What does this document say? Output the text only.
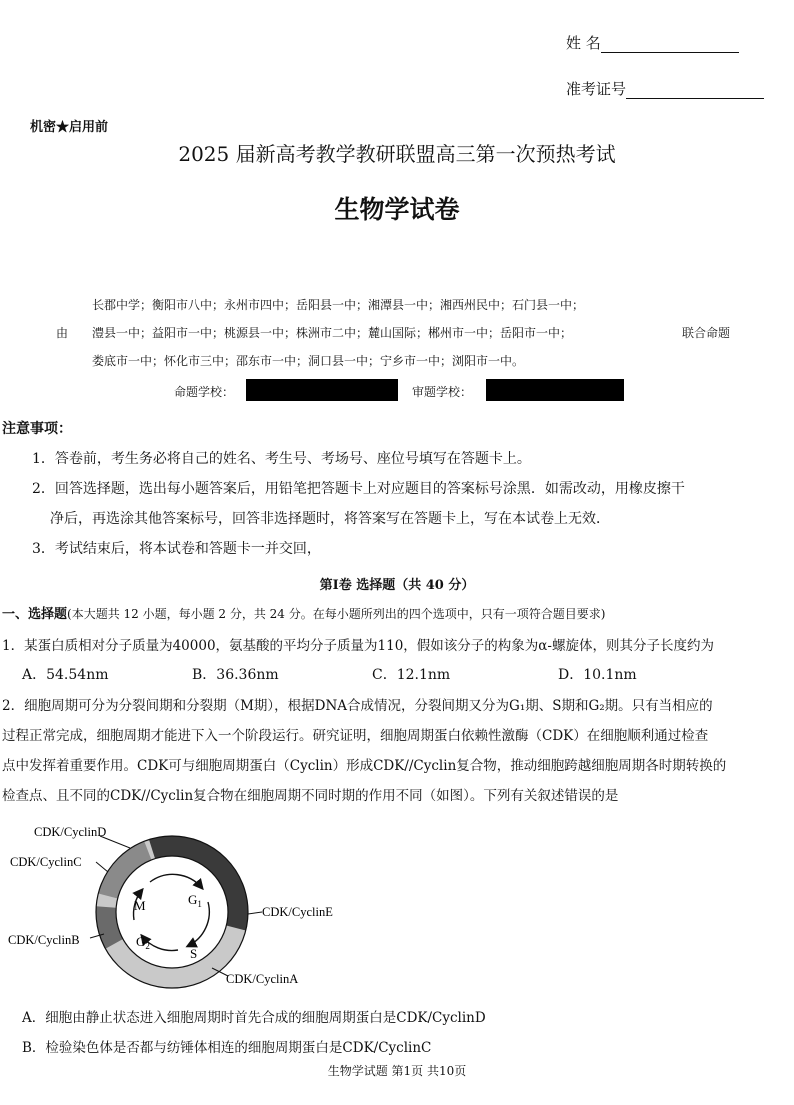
姓 名
准考证号
机密★启用前
2025 届新高考教学教研联盟高三第一次预热考试
生物学试卷
长郡中学；衡阳市八中；永州市四中；岳阳县一中；湘潭县一中；湘西州民中；石门县一中；
由 澧县一中；益阳市一中；桃源县一中；株洲市二中；麓山国际；郴州市一中；岳阳市一中；	联合命题
娄底市一中；怀化市三中；邵东市一中；洞口县一中；宁乡市一中；浏阳市一中。
命题学校：	审题学校：
注意事项：
1．答卷前，考生务必将自己的姓名、考生号、考场号、座位号填写在答题卡上。
2．回答选择题，选出每小题答案后，用铅笔把答题卡上对应题目的答案标号涂黑．如需改动，用橡皮擦干
净后，再选涂其他答案标号，回答非选择题时，将答案写在答题卡上，写在本试卷上无效．
3．考试结束后，将本试卷和答题卡一并交回，
第Ⅰ卷 选择题（共 40 分）
一、选择题(本大题共 12 小题，每小题 2 分，共 24 分。在每小题所列出的四个选项中，只有一项符合题目要求)
1．某蛋白质相对分子质量为40000，氨基酸的平均分子质量为110，假如该分子的构象为α-螺旋体，则其分子长度约为
A．54.54nm	B．36.36nm	C．12.1nm	D．10.1nm
2．细胞周期可分为分裂间期和分裂期（M期），根据DNA合成情况，分裂间期又分为G₁期、S期和G₂期。只有当相应的
过程正常完成，细胞周期才能进下入一个阶段运行。研究证明，细胞周期蛋白依赖性激酶（CDK）在细胞顺利通过检查
点中发挥着重要作用。CDK可与细胞周期蛋白（Cyclin）形成CDK//Cyclin复合物，推动细胞跨越细胞周期各时期转换的
检查点、且不同的CDK//Cyclin复合物在细胞周期不同时期的作用不同（如图）。下列有关叙述错误的是
M	$G_1$
$G_2$	S
CDK/CyclinD
CDK/CyclinC
CDK/CyclinE
CDK/CyclinB
CDK/CyclinA
A．细胞由静止状态进入细胞周期时首先合成的细胞周期蛋白是CDK/CyclinD
B．检验染色体是否都与纺锤体相连的细胞周期蛋白是CDK/CyclinC
生物学试题 第1页 共10页
